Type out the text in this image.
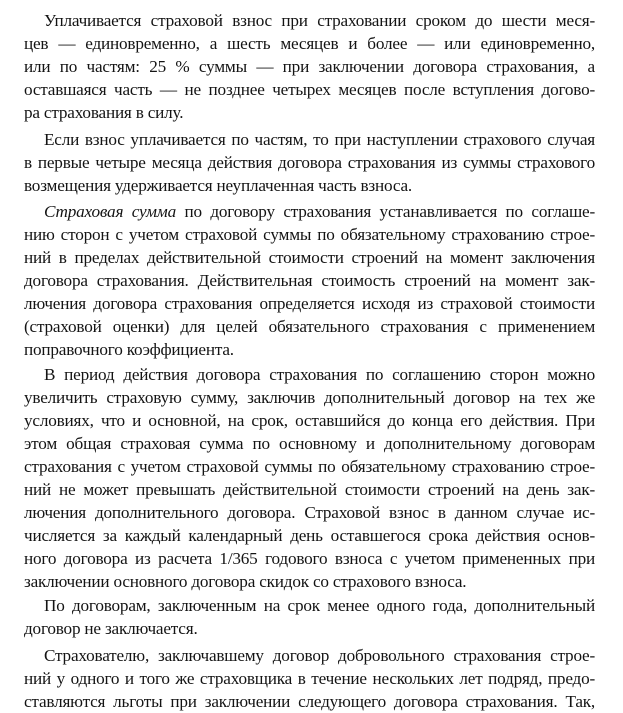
Уплачивается страховой взнос при страховании сроком до шести меся-
цев — единовременно, а шесть месяцев и более — или единовременно,
или по частям: 25 % суммы — при заключении договора страхования, а
оставшаяся часть — не позднее четырех месяцев после вступления догово-
ра страхования в силу.
Если взнос уплачивается по частям, то при наступлении страхового случая
в первые четыре месяца действия договора страхования из суммы страхового
возмещения удерживается неуплаченная часть взноса.
Страховая сумма по договору страхования устанавливается по соглаше-
нию сторон с учетом страховой суммы по обязательному страхованию строе-
ний в пределах действительной стоимости строений на момент заключения
договора страхования. Действительная стоимость строений на момент зак-
лючения договора страхования определяется исходя из страховой стоимости
(страховой оценки) для целей обязательного страхования с применением
поправочного коэффициента.
В период действия договора страхования по соглашению сторон можно
увеличить страховую сумму, заключив дополнительный договор на тех же
условиях, что и основной, на срок, оставшийся до конца его действия. При
этом общая страховая сумма по основному и дополнительному договорам
страхования с учетом страховой суммы по обязательному страхованию строе-
ний не может превышать действительной стоимости строений на день зак-
лючения дополнительного договора. Страховой взнос в данном случае ис-
числяется за каждый календарный день оставшегося срока действия основ-
ного договора из расчета 1/365 годового взноса с учетом примененных при
заключении основного договора скидок со страхового взноса.
По договорам, заключенным на срок менее одного года, дополнительный
договор не заключается.
Страхователю, заключавшему договор добровольного страхования строе-
ний у одного и того же страховщика в течение нескольких лет подряд, предо-
ставляются льготы при заключении следующего договора страхования. Так,
